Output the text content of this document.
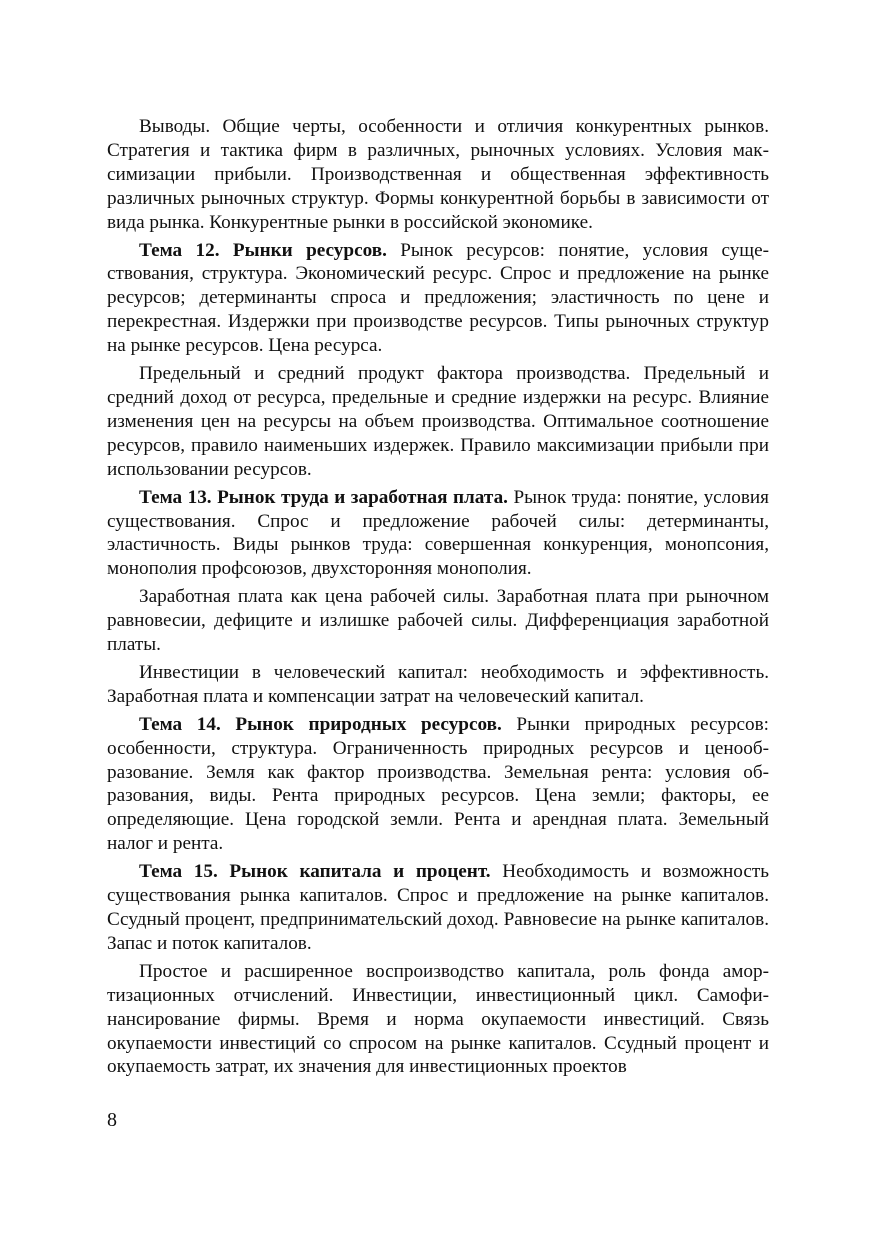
Выводы. Общие черты, особенности и отличия конкурентных рынков. Стратегия и тактика фирм в различных, рыночных условиях. Условия максимизации прибыли. Производственная и общественная эффективность различных рыночных структур. Формы конкурентной борьбы в зависимости от вида рынка. Конкурентные рынки в российской экономике.

Тема 12. Рынки ресурсов. Рынок ресурсов: понятие, условия существования, структура. Экономический ресурс. Спрос и предложение на рынке ресурсов; детерминанты спроса и предложения; эластичность по цене и перекрестная. Издержки при производстве ресурсов. Типы рыночных структур на рынке ресурсов. Цена ресурса.

Предельный и средний продукт фактора производства. Предельный и средний доход от ресурса, предельные и средние издержки на ресурс. Влияние изменения цен на ресурсы на объем производства. Оптимальное соотношение ресурсов, правило наименьших издержек. Правило максимизации прибыли при использовании ресурсов.

Тема 13. Рынок труда и заработная плата. Рынок труда: понятие, условия существования. Спрос и предложение рабочей силы: детерминанты, эластичность. Виды рынков труда: совершенная конкуренция, монопсония, монополия профсоюзов, двухсторонняя монополия.

Заработная плата как цена рабочей силы. Заработная плата при рыночном равновесии, дефиците и излишке рабочей силы. Дифференциация заработной платы.

Инвестиции в человеческий капитал: необходимость и эффективность. Заработная плата и компенсации затрат на человеческий капитал.

Тема 14. Рынок природных ресурсов. Рынки природных ресурсов: особенности, структура. Ограниченность природных ресурсов и ценообразование. Земля как фактор производства. Земельная рента: условия образования, виды. Рента природных ресурсов. Цена земли; факторы, ее определяющие. Цена городской земли. Рента и арендная плата. Земельный налог и рента.

Тема 15. Рынок капитала и процент. Необходимость и возможность существования рынка капиталов. Спрос и предложение на рынке капиталов. Ссудный процент, предпринимательский доход. Равновесие на рынке капиталов. Запас и поток капиталов.

Простое и расширенное воспроизводство капитала, роль фонда амортизационных отчислений. Инвестиции, инвестиционный цикл. Самофинансирование фирмы. Время и норма окупаемости инвестиций. Связь окупаемости инвестиций со спросом на рынке капиталов. Ссудный процент и окупаемость затрат, их значения для инвестиционных проектов

8
